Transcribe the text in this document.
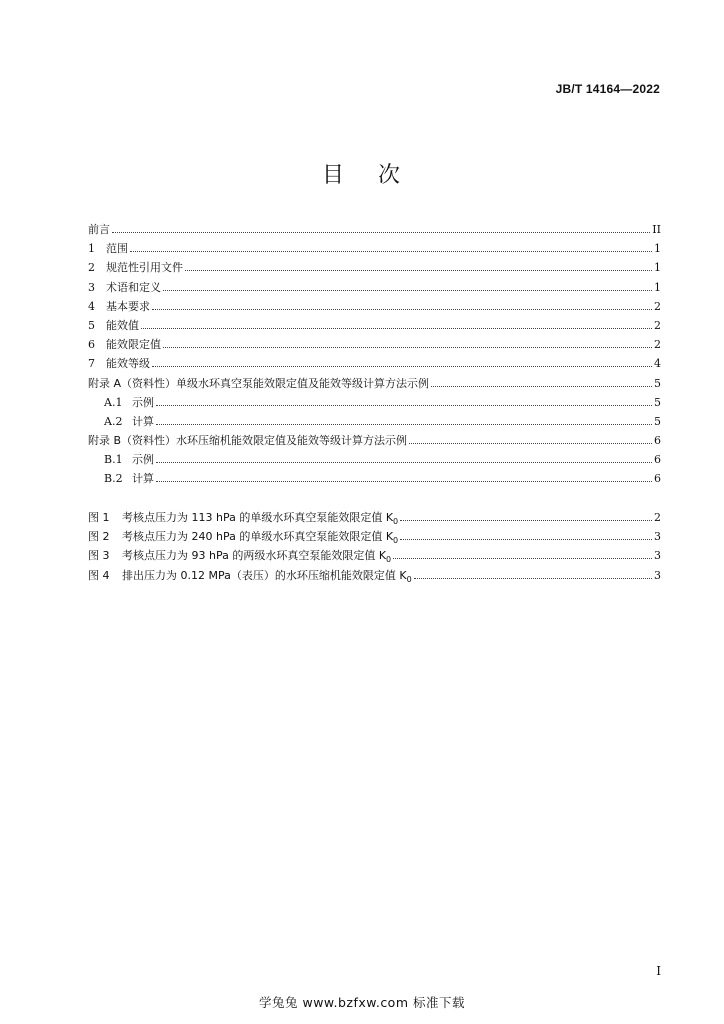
JB/T 14164—2022
目 次
前言	II
1	范围	1
2	规范性引用文件	1
3	术语和定义	1
4	基本要求	2
5	能效值	2
6	能效限定值	2
7	能效等级	4
附录 A（资料性）单级水环真空泵能效限定值及能效等级计算方法示例	5
A.1 示例	5
A.2 计算	5
附录 B（资料性）水环压缩机能效限定值及能效等级计算方法示例	6
B.1 示例	6
B.2 计算	6
图 1	考核点压力为 113 hPa 的单级水环真空泵能效限定值 $K_0$	2
图 2	考核点压力为 240 hPa 的单级水环真空泵能效限定值 $K_0$	3
图 3	考核点压力为 93 hPa 的两级水环真空泵能效限定值 $K_0$	3
图 4	排出压力为 0.12 MPa（表压）的水环压缩机能效限定值 $K_0$	3
I
学兔兔 www.bzfxw.com 标准下载
